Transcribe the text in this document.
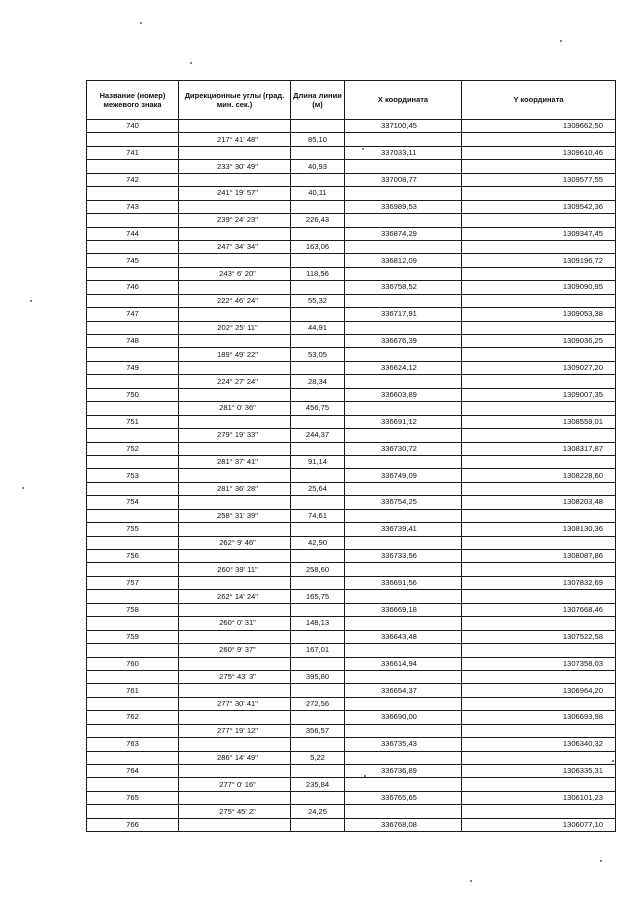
Название (номер) межевого знака	Дирекционные углы (град. мин. сек.)	Длина линии (м)	X координата	Y координата
740			337100,45	1309662,50
	217° 41' 48"	85,10		
741			337033,11	1309610,46
	233° 30' 49"	40,93		
742			337008,77	1309577,55
	241° 19' 57"	40,11		
743			336989,53	1309542,36
	239° 24' 23"	226,43		
744			336874,29	1309347,45
	247° 34' 34"	163,06		
745			336812,09	1309196,72
	243° 6' 20"	118,56		
746			336758,52	1309090,95
	222° 46' 24"	55,32		
747			336717,91	1309053,38
	202° 25' 11"	44,91		
748			336676,39	1309036,25
	189° 49' 22"	53,05		
749			336624,12	1309027,20
	224° 27' 24"	28,34		
750			336603,89	1309007,35
	281° 0' 36"	456,75		
751			336691,12	1308559,01
	279° 19' 33"	244,37		
752			336730,72	1308317,87
	281° 37' 41"	91,14		
753			336749,09	1308228,60
	281° 36' 28"	25,64		
754			336754,25	1308203,48
	258° 31' 39"	74,61		
755			336739,41	1308130,36
	262° 9' 46"	42,90		
756			336733,56	1308087,86
	260° 39' 11"	258,60		
757			336691,56	1307832,69
	262° 14' 24"	165,75		
758			336669,18	1307668,46
	260° 0' 31"	148,13		
759			336643,48	1307522,58
	260° 9' 37"	167,01		
760			336614,94	1307358,03
	275° 43' 3"	395,80		
761			336654,37	1306964,20
	277° 30' 41"	272,56		
762			336690,00	1306693,98
	277° 19' 12"	356,57		
763			336735,43	1306340,32
	286° 14' 49"	5,22		
764			336736,89	1306335,31
	277° 0' 16"	235,84		
765			336765,65	1306101,23
	275° 45' 2"	24,25		
766			336768,08	1306077,10
